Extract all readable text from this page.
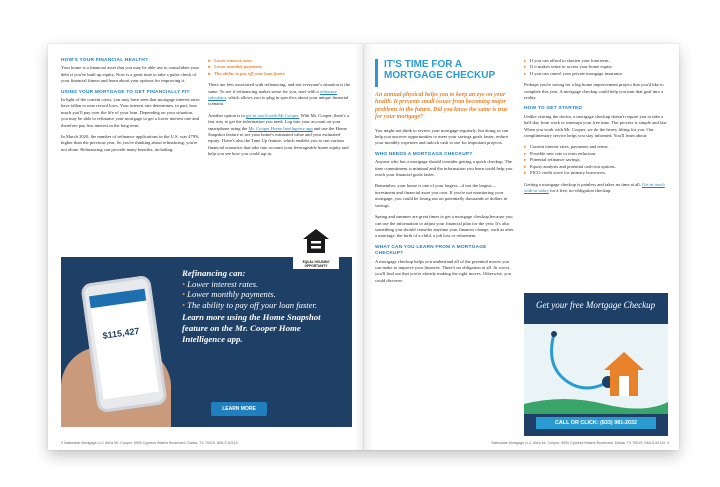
HOW'S YOUR FINANCIAL HEALTH?
Your home is a financial asset that you may be able use to consolidate your debt if you've built up equity. Now is a great time to take a pulse check of your financial fitness and learn about your options for improving it.
USING YOUR MORTGAGE TO GET FINANCIALLY FIT
In light of the current crisis, you may have seen that mortgage interest rates have fallen to near record lows. Your interest rate determines, in part, how much you'll pay over the life of your loan. Depending on your situation, you may be able to refinance your mortgage to get a lower interest rate and therefore pay less interest in the long term.
In March 2020, the number of refinance applications in the U.S. was 479% higher than the previous year. So you're thinking about refinancing, you're not alone. Refinancing can provide many benefits, including:
▸ Lower interest rates.
▸ Lower monthly payments.
▸ The ability to pay off your loan faster.
There are fees associated with refinancing, and not everyone's situation is the same. To see if refinancing makes sense for you, start with a refinance calculator, which allows you to plug in specifics about your unique financial scenario.
Another option is to get in touch with Mr Cooper. With Mr. Cooper, there's a fast way to get the information you need. Log into your account on your smartphone using the Mr. Cooper Home Intelligence app and use the Home Snapshot feature to see your home's estimated value and your estimated equity. There's also the Tune Up feature, which enables you to run various financial scenarios that take into account your leverageable home equity and help you see how you could tap in.
$115,427
Refinancing can:
• Lower interest rates.
• Lower monthly payments.
• The ability to pay off your loan faster.
Learn more using the Home Snapshot feature on the Mr. Cooper Home Intelligence app.
LEARN MORE
EQUAL HOUSING OPPORTUNITY
2 Nationstar Mortgage LLC d/b/a Mr. Cooper, 8950 Cypress Waters Boulevard, Dallas, TX 75019, NMLS #2119.
IT'S TIME FOR A MORTGAGE CHECKUP
An annual physical helps you to keep an eye on your health. It prevents small issues from becoming major problems in the future. Did you know the same is true for your mortgage?
You might not think to review your mortgage regularly, but doing so can help you uncover opportunities to meet your savings goals faster, reduce your monthly expenses and unlock cash to use for important projects.
WHO NEEDS A MORTGAGE CHECKUP?
Anyone who has a mortgage should consider getting a quick checkup. The time commitment is minimal and the information you learn could help you reach your financial goals faster.
Remember, your home is one of your largest—if not the largest—investment and financial asset you own. If you're not monitoring your mortgage, you could be losing out on potentially thousands of dollars in savings.
Spring and summer are great times to get a mortgage checkup because you can use the information to adjust your financial plan for the year. It's also something you should consider anytime your finances change, such as after a marriage, the birth of a child, a job loss or retirement.
WHAT CAN YOU LEARN FROM A MORTGAGE CHECKUP?
A mortgage checkup helps you understand all of the potential moves you can make to improve your finances. There's no obligation at all. At worst, you'll find out that you're already making the right moves. Otherwise, you could discover:
▸ If you can afford to shorten your loan term.
▸ If it makes sense to access your home equity.
▸ If you can cancel your private mortgage insurance.
Perhaps you're saving for a big home improvement project that you'd like to complete this year. A mortgage checkup could help you turn that goal into a reality.
HOW TO GET STARTED
Unlike visiting the doctor, a mortgage checkup doesn't require you to take a half-day from work or interrupt your free time. The process is simple and fast. When you work with Mr. Cooper, we do the heavy lifting for you. Our complimentary service helps you stay informed. You'll learn about:
▸ Current interest rates, payments and terms.
▸ Possible new rate or term reduction.
▸ Potential refinance savings.
▸ Equity analysis and potential cash-out options.
▸ FICO credit score for primary borrowers.
Getting a mortgage checkup is painless and takes no time at all. Get in touch with us today for a free, no-obligation checkup.
Get your free Mortgage Checkup
CALL OR CLICK: (833) 981-2032
Nationstar Mortgage LLC d/b/a Mr. Cooper, 8950 Cypress Waters Boulevard, Dallas, TX 75019, NMLS #2119. 3
